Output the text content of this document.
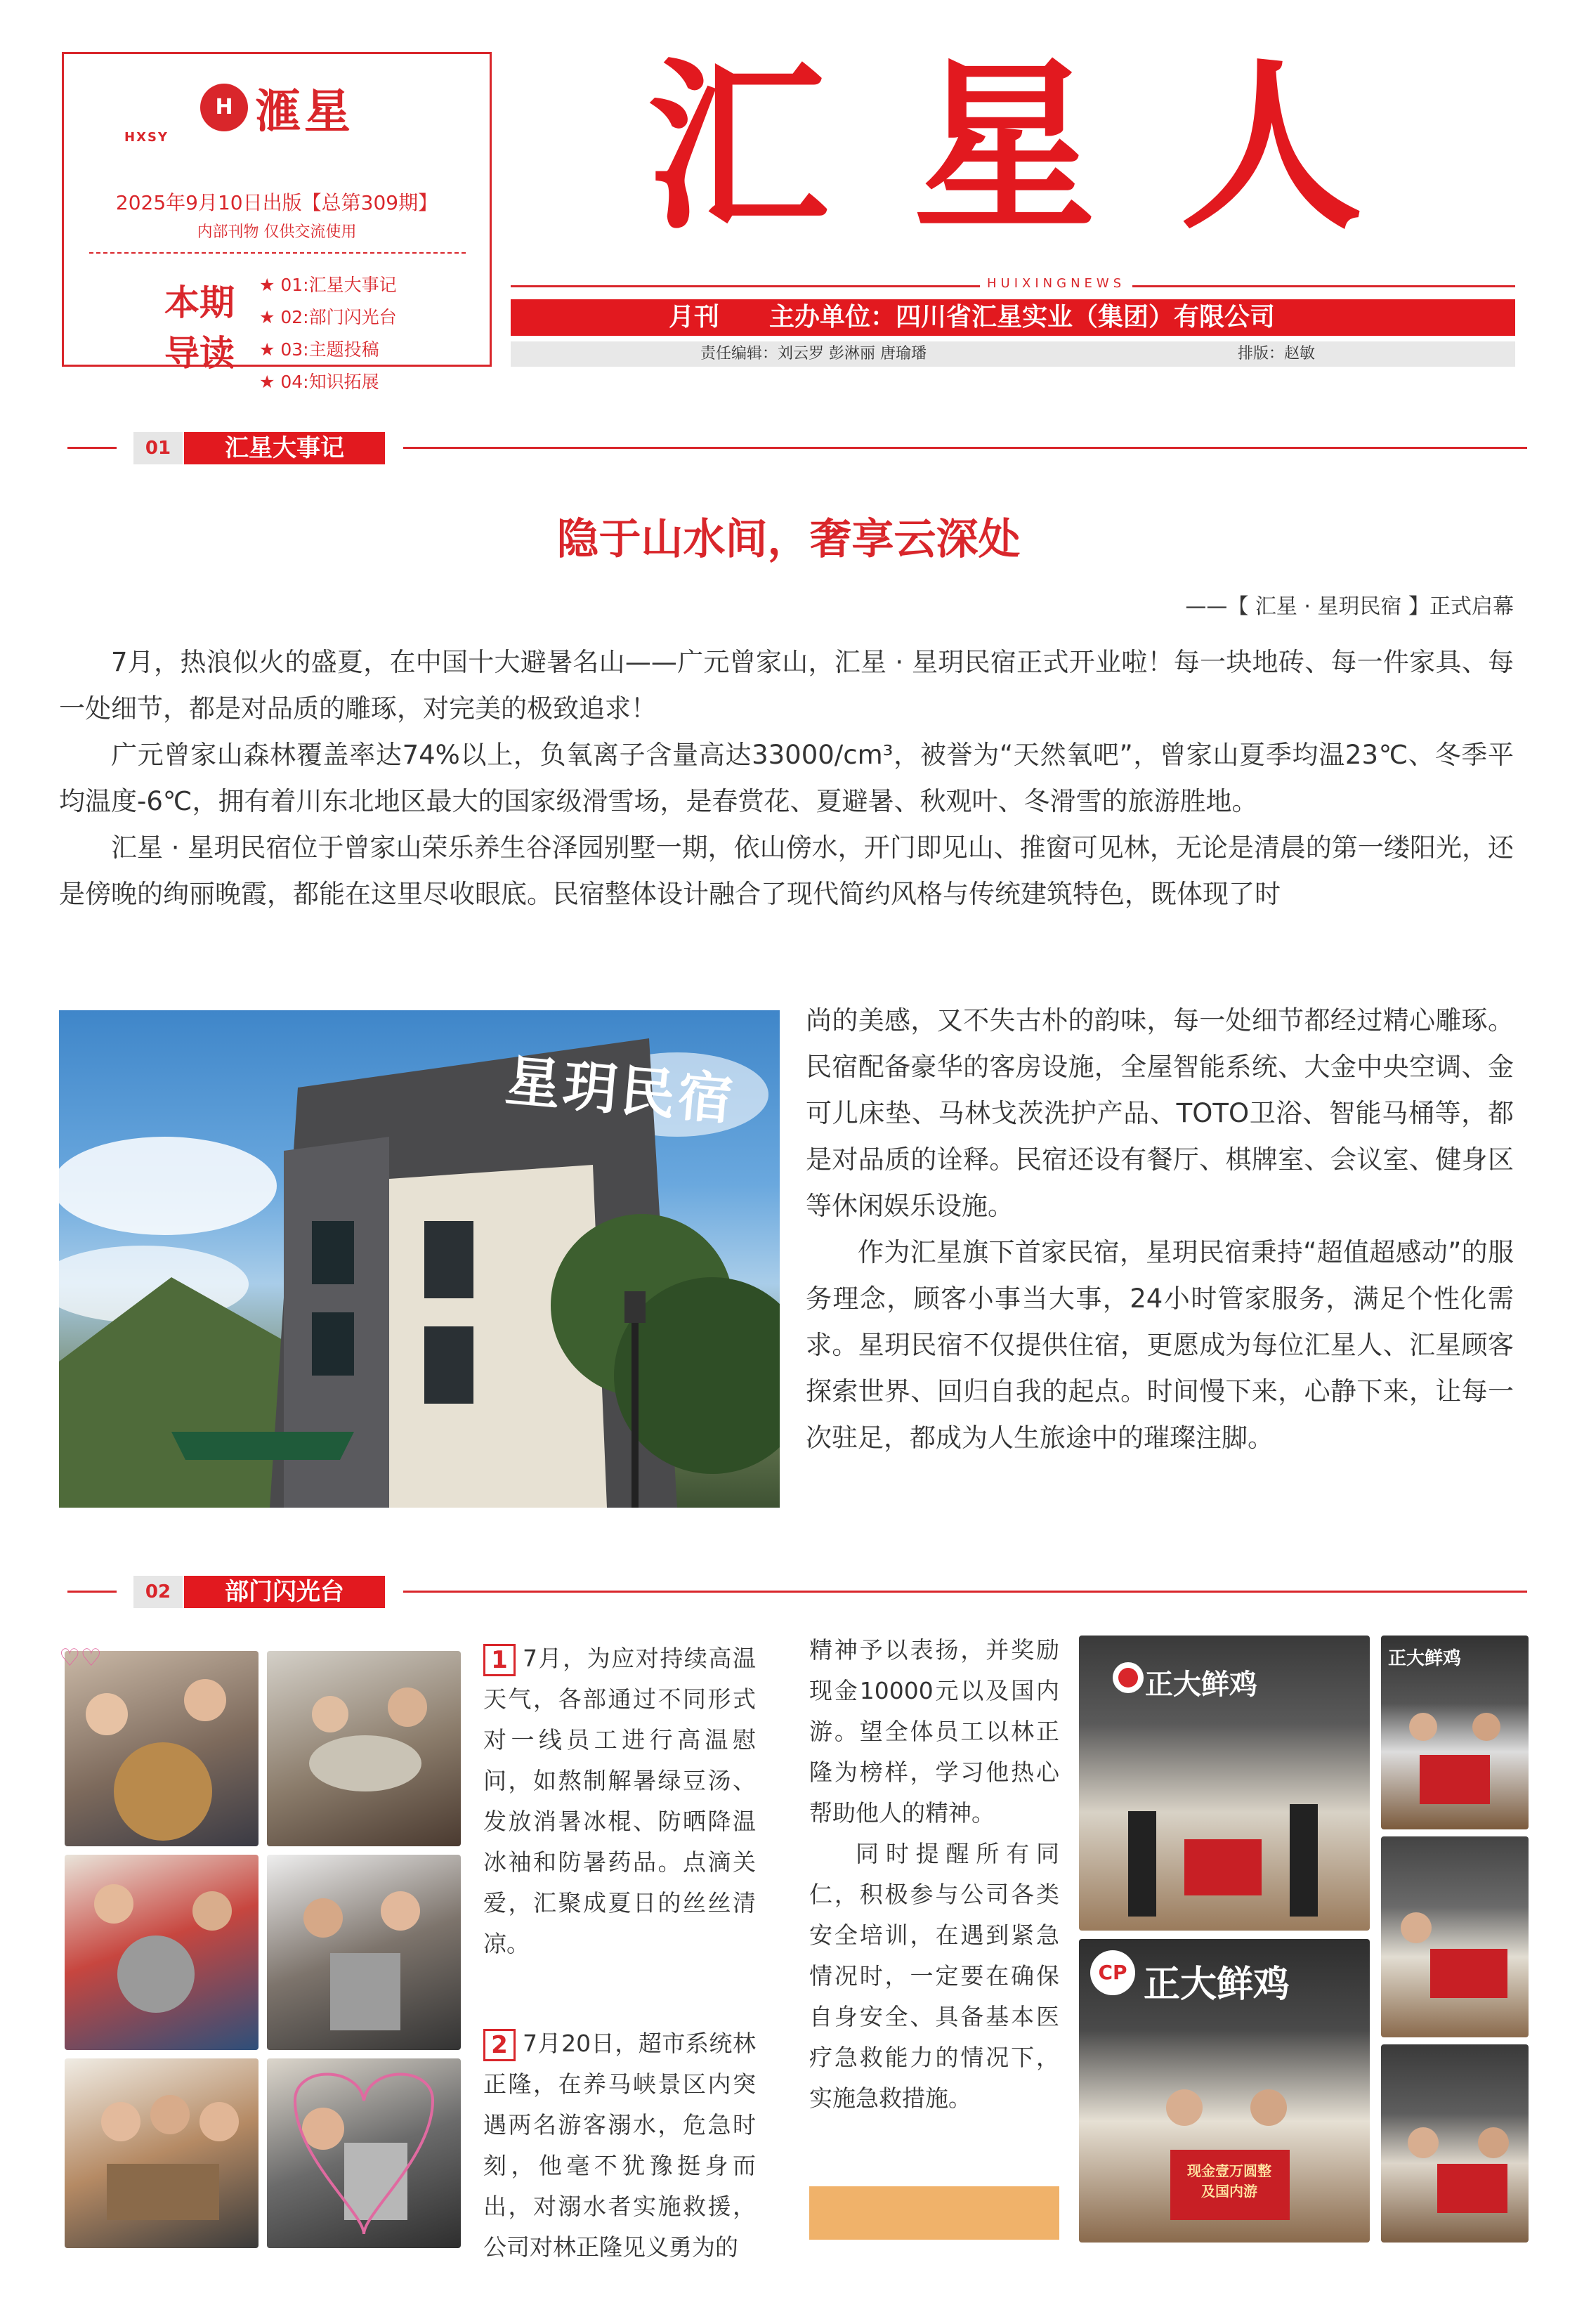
H 滙星
HXSY
2025年9月10日出版【总第309期】
内部刊物 仅供交流使用
本期
导读
★ 01:汇星大事记
★ 02:部门闪光台
★ 03:主题投稿
★ 04:知识拓展
汇星人
HUIXINGNEWS
月刊 主办单位：四川省汇星实业（集团）有限公司
责任编辑：刘云罗 彭淋丽 唐瑜璠	排版：赵敏
01	汇星大事记
隐于山水间，奢享云深处
——【 汇星 · 星玥民宿 】正式启幕

7月，热浪似火的盛夏，在中国十大避暑名山——广元曾家山，汇星 · 星玥民宿正式开业啦！每一块地砖、每一件家具、每一处细节，都是对品质的雕琢，对完美的极致追求！

广元曾家山森林覆盖率达74%以上，负氧离子含量高达33000/cm³，被誉为“天然氧吧”，曾家山夏季均温23℃、冬季平均温度-6℃，拥有着川东北地区最大的国家级滑雪场，是春赏花、夏避暑、秋观叶、冬滑雪的旅游胜地。

汇星 · 星玥民宿位于曾家山荣乐养生谷泽园别墅一期，依山傍水，开门即见山、推窗可见林，无论是清晨的第一缕阳光，还是傍晚的绚丽晚霞，都能在这里尽收眼底。民宿整体设计融合了现代简约风格与传统建筑特色，既体现了时

尚的美感，又不失古朴的韵味，每一处细节都经过精心雕琢。民宿配备豪华的客房设施，全屋智能系统、大金中央空调、金可儿床垫、马林戈茨洗护产品、TOTO卫浴、智能马桶等，都是对品质的诠释。民宿还设有餐厅、棋牌室、会议室、健身区等休闲娱乐设施。

作为汇星旗下首家民宿，星玥民宿秉持“超值超感动”的服务理念，顾客小事当大事，24小时管家服务，满足个性化需求。星玥民宿不仅提供住宿，更愿成为每位汇星人、汇星顾客探索世界、回归自我的起点。时间慢下来，心静下来，让每一次驻足，都成为人生旅途中的璀璨注脚。

星玥民宿
02	部门闪光台
♡♡	1 7月，为应对持续高温天气，各部通过不同形式对一线员工进行高温慰问，如熬制解暑绿豆汤、发放消暑冰棍、防晒降温冰袖和防暑药品。点滴关爱，汇聚成夏日的丝丝清凉。

2 7月20日，超市系统林正隆，在养马峡景区内突遇两名游客溺水，危急时刻，他毫不犹豫挺身而出，对溺水者实施救援，公司对林正隆见义勇为的

精神予以表扬，并奖励现金10000元以及国内游。望全体员工以林正隆为榜样，学习他热心帮助他人的精神。

同时提醒所有同仁，积极参与公司各类安全培训，在遇到紧急情况时，一定要在确保自身安全、具备基本医疗急救能力的情况下，实施急救措施。

正大鲜鸡
CP 正大鲜鸡
现金壹万圆整
及国内游
正大鲜鸡
